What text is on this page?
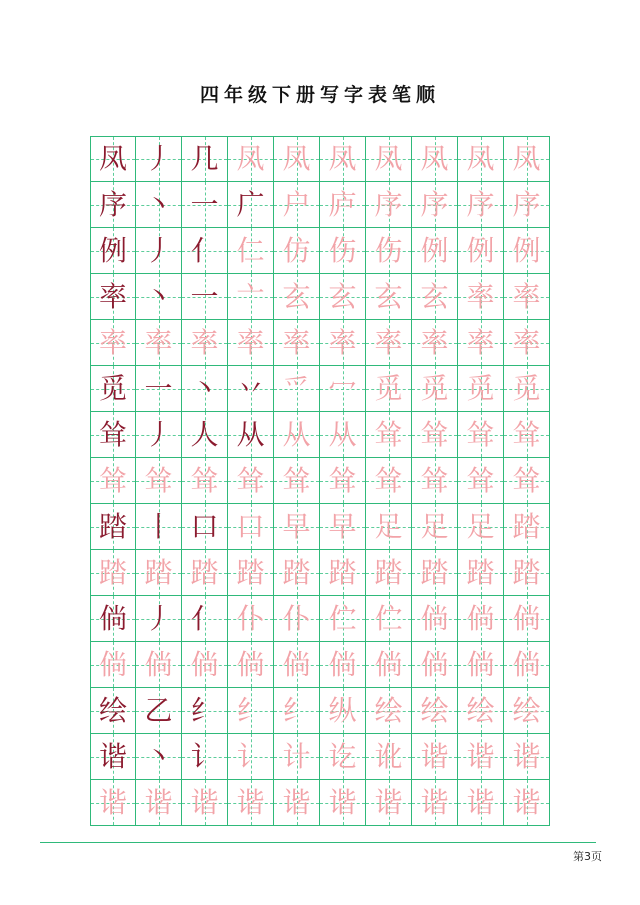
四年级下册写字表笔顺
凤 丿 几 凤 凤 凤 凤 凤 凤 凤
序 丶 一 广 户 庐 序 序 序 序
例 丿 亻 仁 仿 伤 伤 例 例 例
率 丶 一 亠 玄 玄 玄 玄 率 率
率 率 率 率 率 率 率 率 率 率
觅 一 丶 丷 爫 冖 觅 觅 觅 觅
耸 丿 人 从 从 从 耸 耸 耸 耸
耸 耸 耸 耸 耸 耸 耸 耸 耸 耸
踏 丨 口 口 早 早 足 足 足 踏
踏 踏 踏 踏 踏 踏 踏 踏 踏 踏
倘 丿 亻 仆 仆 伫 伫 倘 倘 倘
倘 倘 倘 倘 倘 倘 倘 倘 倘 倘
绘 乙 纟 纟 纟 纵 绘 绘 绘 绘
谐 丶 讠 讠 计 讫 讹 谐 谐 谐
谐 谐 谐 谐 谐 谐 谐 谐 谐 谐
第3页
